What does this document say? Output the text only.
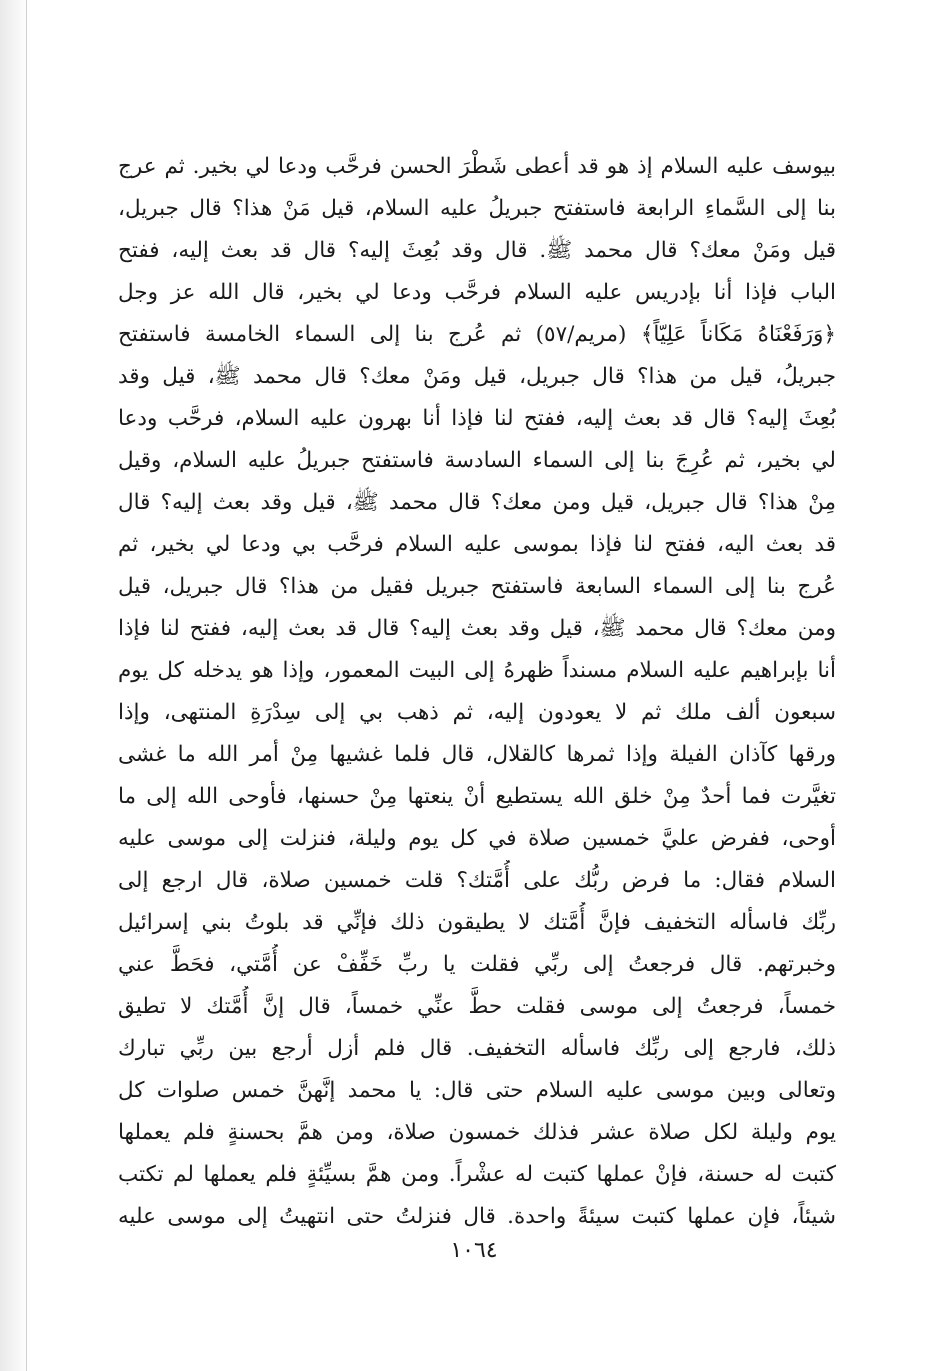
بيوسف عليه السلام إذ هو قد أعطى شَطْرَ الحسن فرحَّب ودعا لي بخير. ثم عرج
بنا إلى السَّماءِ الرابعة فاستفتح جبريلُ عليه السلام، قيل مَنْ هذا؟ قال جبريل،
قيل ومَنْ معك؟ قال محمد ﷺ. قال وقد بُعِثَ إليه؟ قال قد بعث إليه، ففتح
الباب فإذا أنا بإدريس عليه السلام فرحَّب ودعا لي بخير، قال الله عز وجل
﴿وَرَفَعْنَاهُ مَكَاناً عَلِيّاً﴾ (مريم/٥٧) ثم عُرج بنا إلى السماء الخامسة فاستفتح
جبريلُ، قيل من هذا؟ قال جبريل، قيل ومَنْ معك؟ قال محمد ﷺ، قيل وقد
بُعِثَ إليه؟ قال قد بعث إليه، ففتح لنا فإذا أنا بهرون عليه السلام، فرحَّب ودعا
لي بخير، ثم عُرِجَ بنا إلى السماء السادسة فاستفتح جبريلُ عليه السلام، وقيل
مِنْ هذا؟ قال جبريل، قيل ومن معك؟ قال محمد ﷺ، قيل وقد بعث إليه؟ قال
قد بعث اليه، ففتح لنا فإذا بموسى عليه السلام فرحَّب بي ودعا لي بخير، ثم
عُرج بنا إلى السماء السابعة فاستفتح جبريل فقيل من هذا؟ قال جبريل، قيل
ومن معك؟ قال محمد ﷺ، قيل وقد بعث إليه؟ قال قد بعث إليه، ففتح لنا فإذا
أنا بإبراهيم عليه السلام مسنداً ظهرهُ إلى البيت المعمور، وإذا هو يدخله كل يوم
سبعون ألف ملك ثم لا يعودون إليه، ثم ذهب بي إلى سِدْرَةِ المنتهى، وإذا
ورقها كآذان الفيلة وإذا ثمرها كالقلال، قال فلما غشيها مِنْ أمر الله ما غشى
تغيَّرت فما أحدٌ مِنْ خلق الله يستطيع أنْ ينعتها مِنْ حسنها، فأوحى الله إلى ما
أوحى، ففرض عليَّ خمسين صلاة في كل يوم وليلة، فنزلت إلى موسى عليه
السلام فقال: ما فرض ربُّك على أُمَّتك؟ قلت خمسين صلاة، قال ارجع إلى
ربِّك فاسأله التخفيف فإنَّ أُمَّتك لا يطيقون ذلك فإنِّي قد بلوتُ بني إسرائيل
وخبرتهم. قال فرجعتُ إلى ربِّي فقلت يا ربِّ خَفِّفْ عن أُمَّتي، فحَطَّ عني
خمساً، فرجعتُ إلى موسى فقلت حطَّ عنِّي خمساً، قال إنَّ أُمَّتك لا تطيق
ذلك، فارجع إلى ربِّك فاسأله التخفيف. قال فلم أزل أرجع بين ربِّي تبارك
وتعالى وبين موسى عليه السلام حتى قال: يا محمد إنَّهنَّ خمس صلوات كل
يوم وليلة لكل صلاة عشر فذلك خمسون صلاة، ومن همَّ بحسنةٍ فلم يعملها
كتبت له حسنة، فإنْ عملها كتبت له عشْراً. ومن همَّ بسيِّئةٍ فلم يعملها لم تكتب
شيئاً، فإن عملها كتبت سيئةً واحدة. قال فنزلتُ حتى انتهيتُ إلى موسى عليه
١٠٦٤
